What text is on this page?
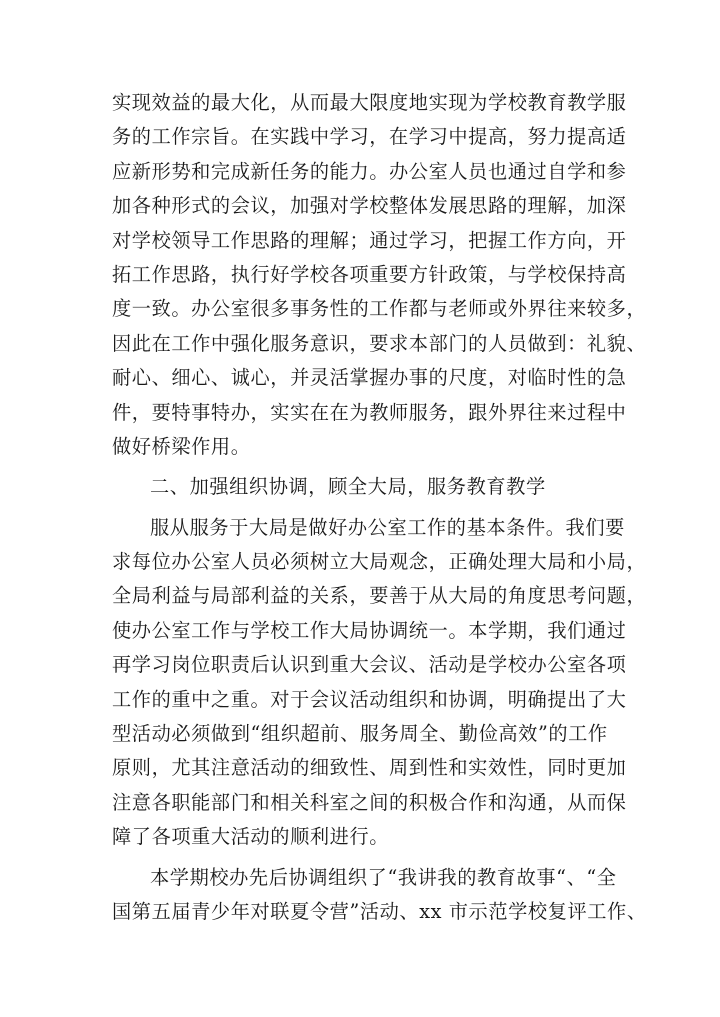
实现效益的最大化，从而最大限度地实现为学校教育教学服
务的工作宗旨。在实践中学习，在学习中提高，努力提高适
应新形势和完成新任务的能力。办公室人员也通过自学和参
加各种形式的会议，加强对学校整体发展思路的理解，加深
对学校领导工作思路的理解；通过学习，把握工作方向，开
拓工作思路，执行好学校各项重要方针政策，与学校保持高
度一致。办公室很多事务性的工作都与老师或外界往来较多，
因此在工作中强化服务意识，要求本部门的人员做到：礼貌、
耐心、细心、诚心，并灵活掌握办事的尺度，对临时性的急
件，要特事特办，实实在在为教师服务，跟外界往来过程中
做好桥梁作用。
二、加强组织协调，顾全大局，服务教育教学
服从服务于大局是做好办公室工作的基本条件。我们要
求每位办公室人员必须树立大局观念，正确处理大局和小局，
全局利益与局部利益的关系，要善于从大局的角度思考问题，
使办公室工作与学校工作大局协调统一。本学期，我们通过
再学习岗位职责后认识到重大会议、活动是学校办公室各项
工作的重中之重。对于会议活动组织和协调，明确提出了大
型活动必须做到“组织超前、服务周全、勤俭高效”的工作
原则，尤其注意活动的细致性、周到性和实效性，同时更加
注意各职能部门和相关科室之间的积极合作和沟通，从而保
障了各项重大活动的顺利进行。
本学期校办先后协调组织了“我讲我的教育故事“、“全
国第五届青少年对联夏令营”活动、xx 市示范学校复评工作、
